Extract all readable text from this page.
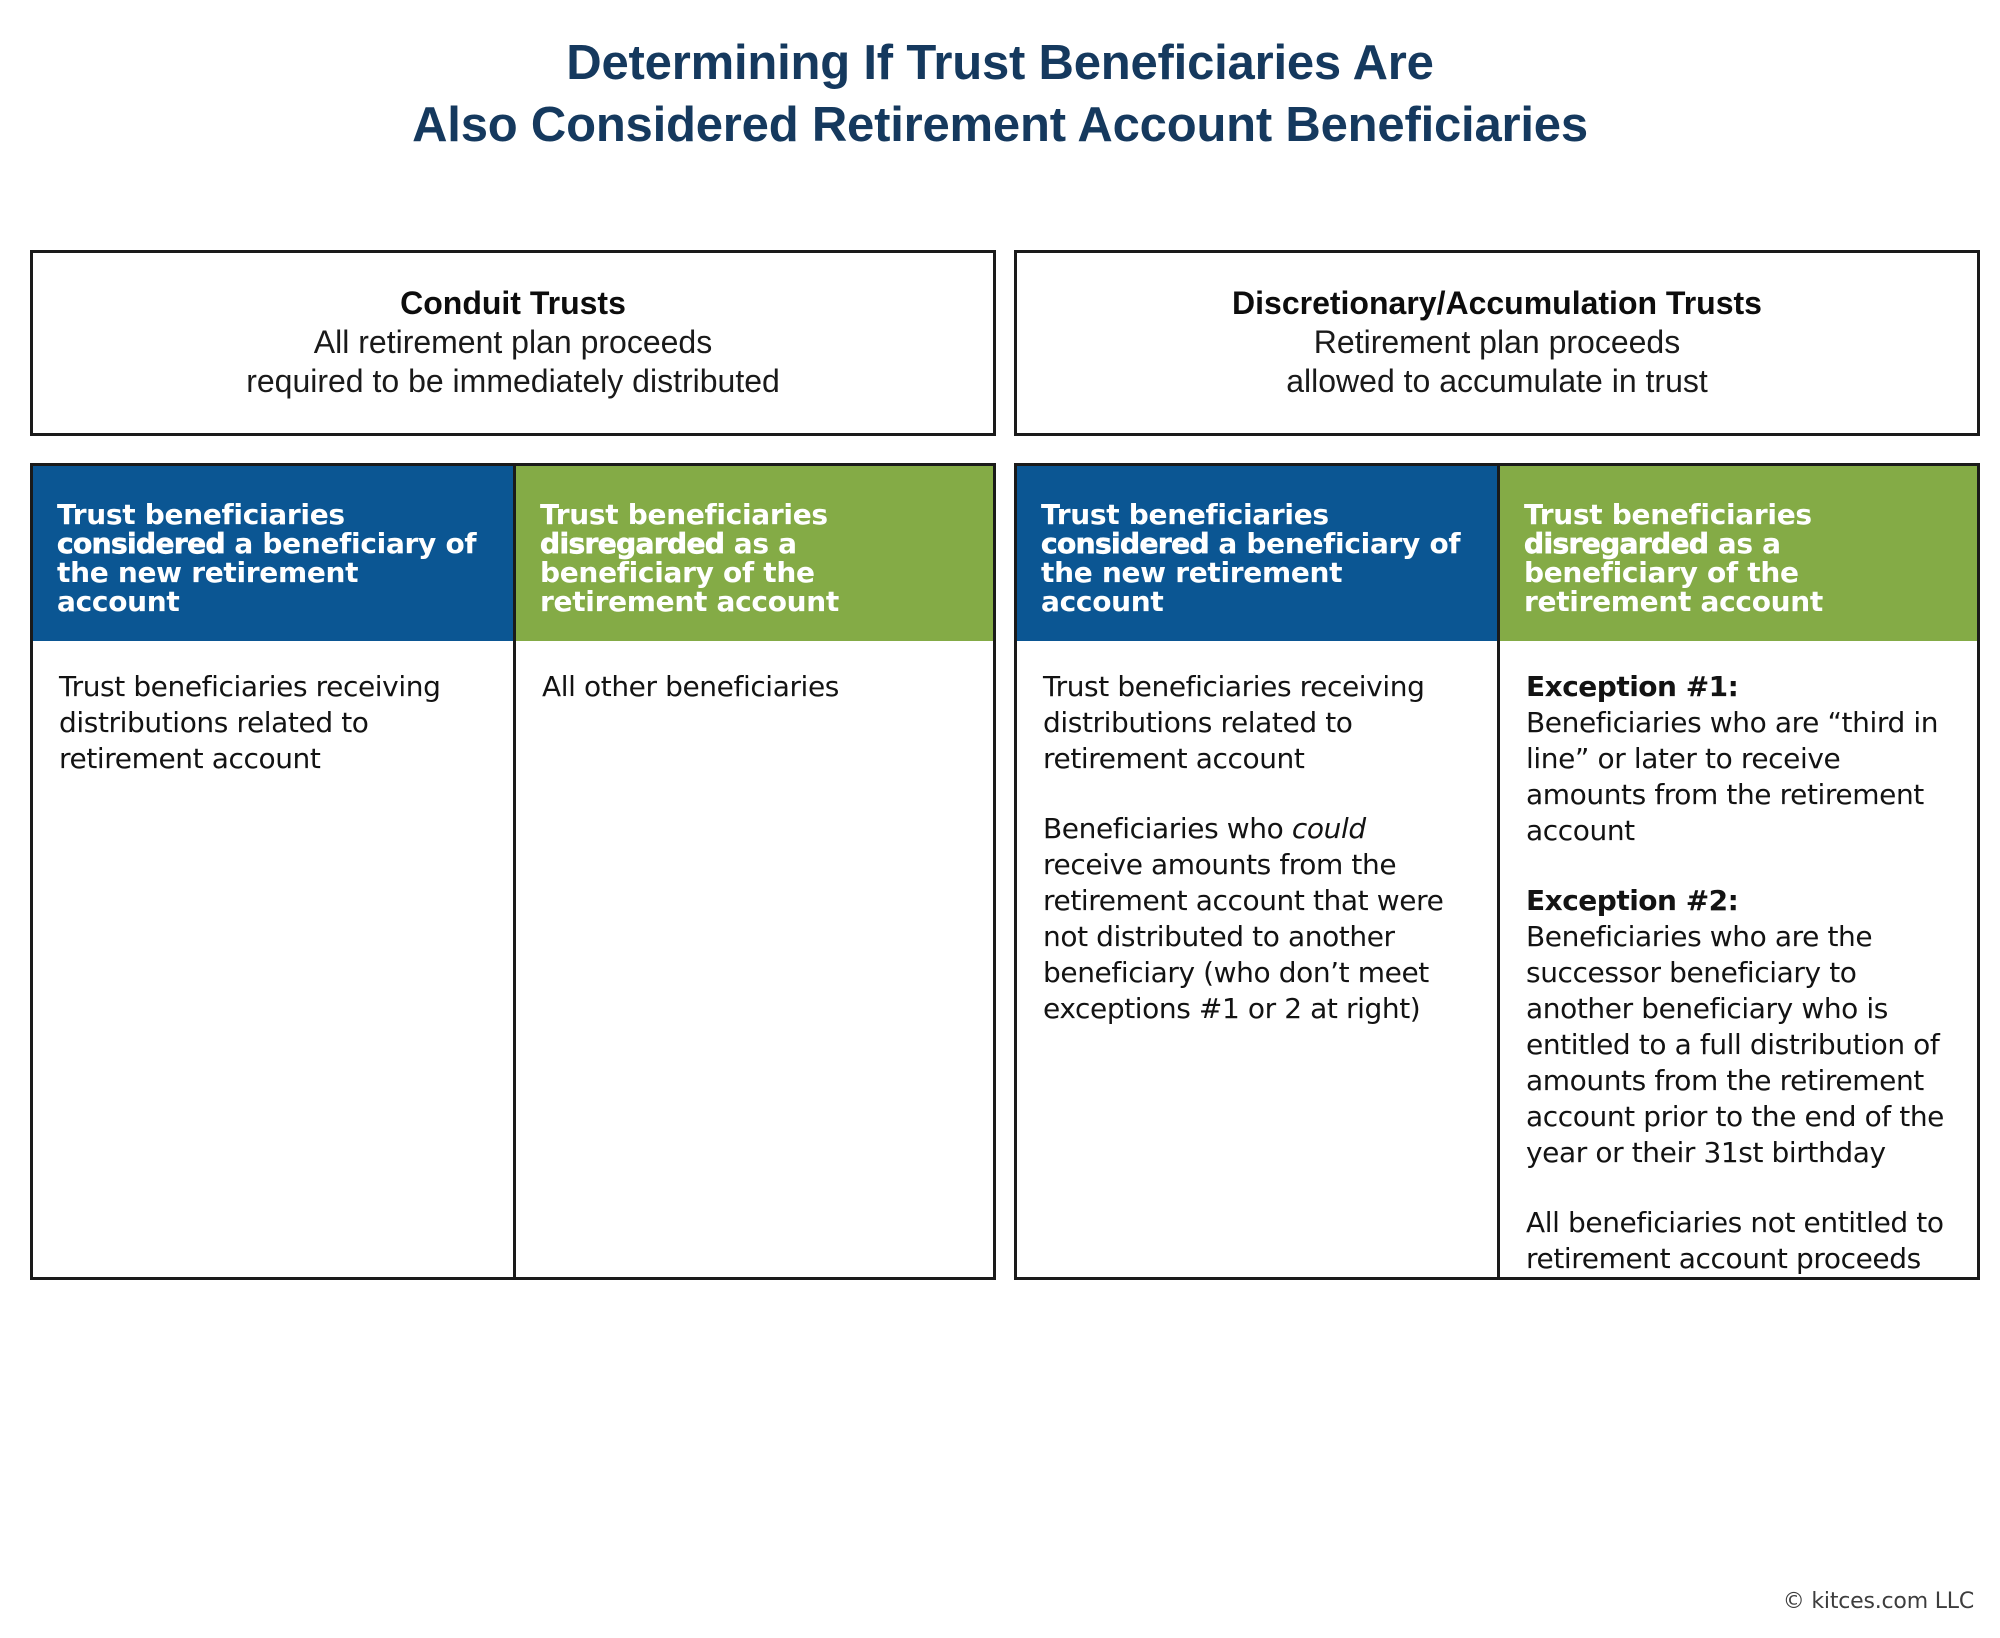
Determining If Trust Beneficiaries Are
Also Considered Retirement Account Beneficiaries
Conduit Trusts
All retirement plan proceeds
required to be immediately distributed
Trust beneficiaries considered a beneficiary of the new retirement account
Trust beneficiaries disregarded as a beneficiary of the retirement account
Trust beneficiaries receiving distributions related to retirement account
All other beneficiaries
Discretionary/Accumulation Trusts
Retirement plan proceeds
allowed to accumulate in trust
Trust beneficiaries considered a beneficiary of the new retirement account
Trust beneficiaries disregarded as a beneficiary of the retirement account
Trust beneficiaries receiving distributions related to retirement account
Beneficiaries who could receive amounts from the retirement account that were not distributed to another beneficiary (who don’t meet exceptions #1 or 2 at right)
Exception #1:
Beneficiaries who are “third in line” or later to receive amounts from the retirement account
Exception #2:
Beneficiaries who are the successor beneficiary to another beneficiary who is entitled to a full distribution of amounts from the retirement account prior to the end of the year or their 31st birthday
All beneficiaries not entitled to retirement account proceeds
© kitces.com LLC
